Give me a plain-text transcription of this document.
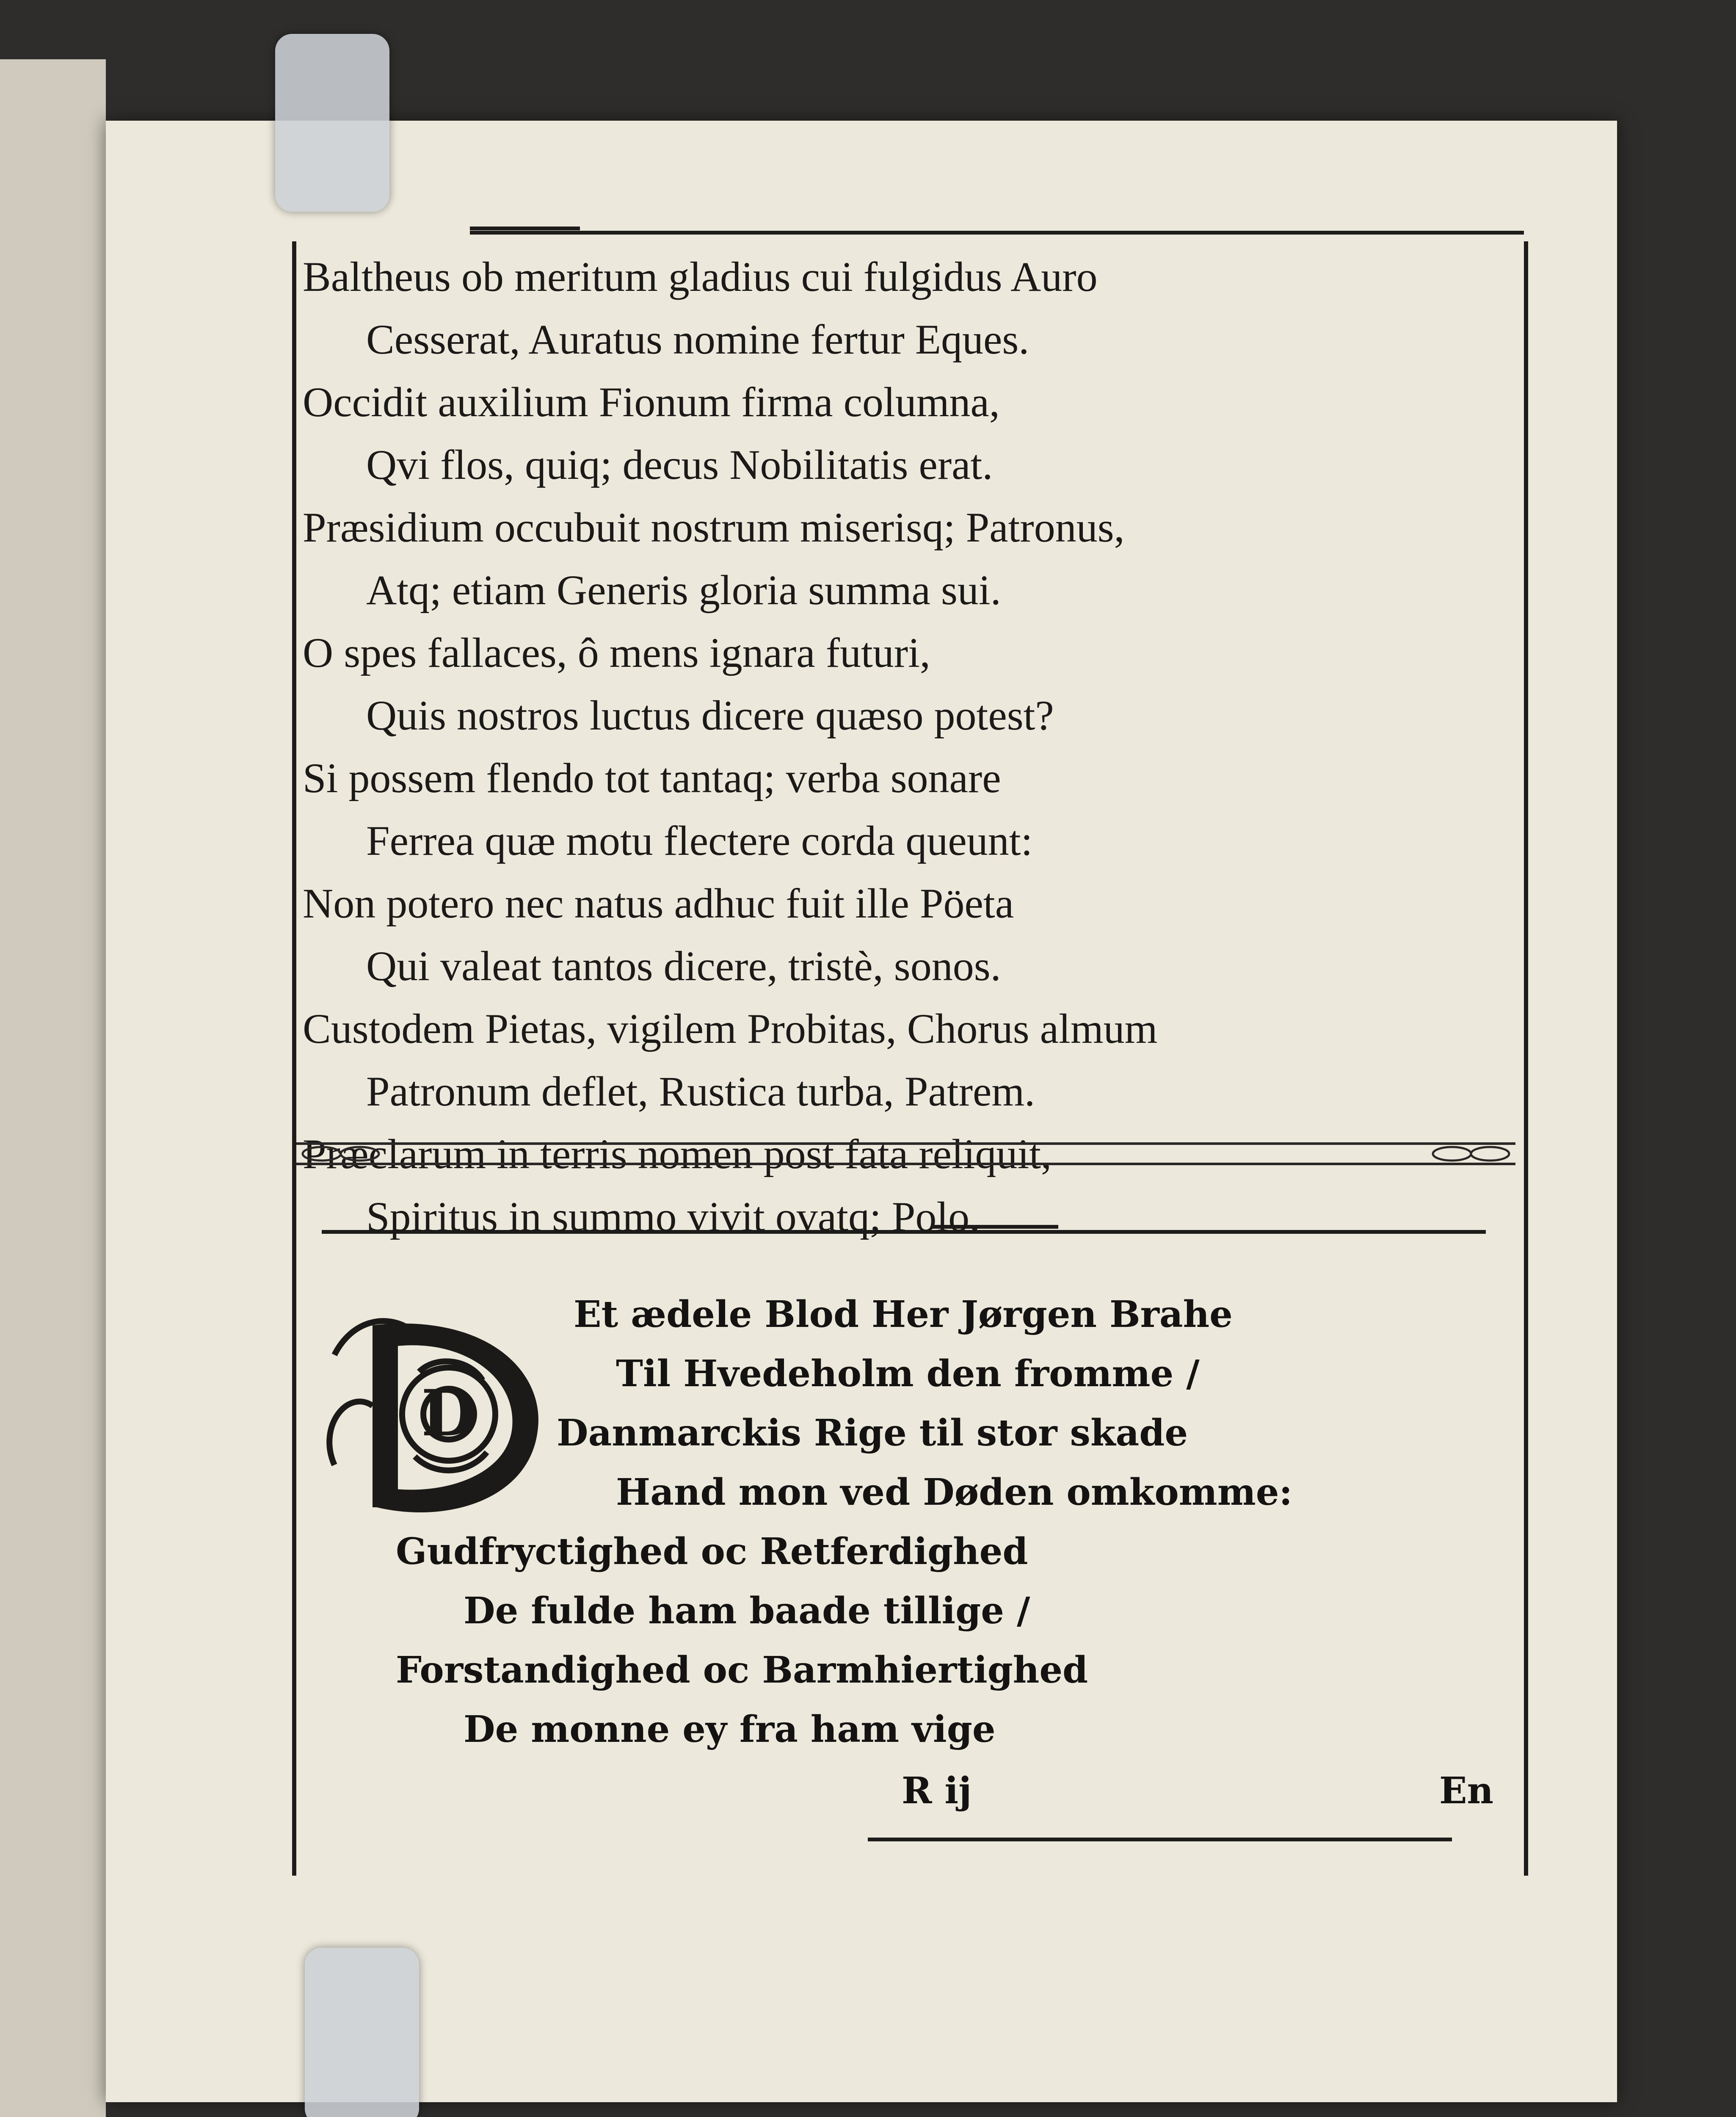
Baltheus ob meritum gladius cui fulgidus Auro
Cesserat, Auratus nomine fertur Eques.
Occidit auxilium Fionum firma columna,
Qvi flos, quiq; decus Nobilitatis erat.
Præsidium occubuit nostrum miserisq; Patronus,
Atq; etiam Generis gloria summa sui.
O spes fallaces, ô mens ignara futuri,
Quis nostros luctus dicere quæso potest?
Si possem flendo tot tantaq; verba sonare
Ferrea quæ motu flectere corda queunt:
Non potero nec natus adhuc fuit ille Pöeta
Qui valeat tantos dicere, tristè, sonos.
Custodem Pietas, vigilem Probitas, Chorus almum
Patronum deflet, Rustica turba, Patrem.
Præclarum in terris nomen post fata reliquit,
Spiritus in summo vivit ovatq; Polo.
D
Et ædele Blod Her Jørgen Brahe
Til Hvedeholm den fromme /
Danmarckis Rige til stor skade
Hand mon ved Døden omkomme:
Gudfryctighed oc Retferdighed
De fulde ham baade tillige /
Forstandighed oc Barmhiertighed
De monne ey fra ham vige
R ij	En
